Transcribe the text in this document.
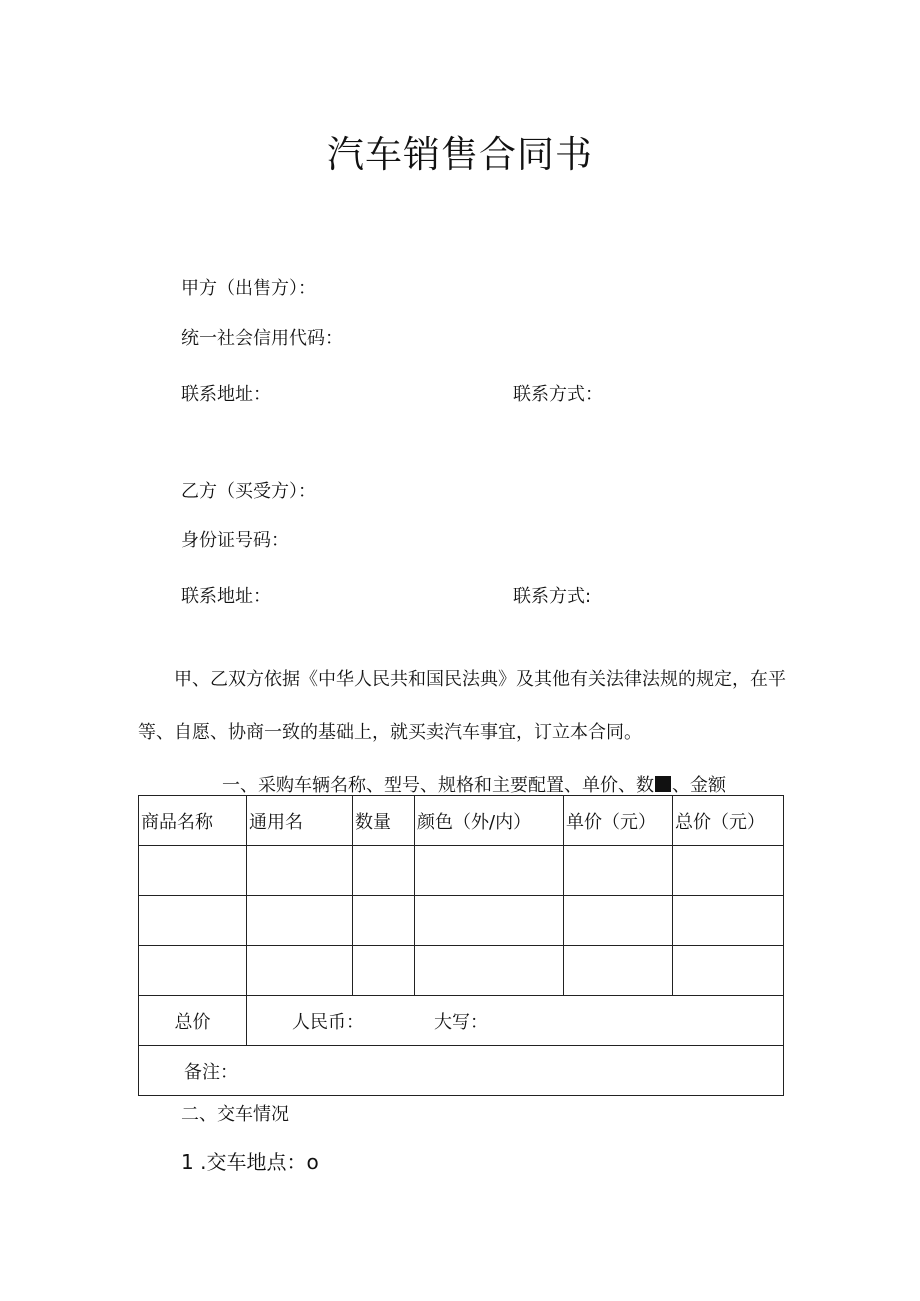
汽车销售合同书
甲方（出售方）：
统一社会信用代码：
联系地址：	联系方式：
乙方（买受方）：
身份证号码：
联系地址：	联系方式:
甲、乙双方依据《中华人民共和国民法典》及其他有关法律法规的规定，在平等、自愿、协商一致的基础上，就买卖汽车事宜，订立本合同。
一、采购车辆名称、型号、规格和主要配置、单价、数 、金额
商品名称	通用名	数量	颜色（外/内）	单价（元）	总价（元）

总价	人民币： 大写：				
备注：					
二、交车情况
1 .交车地点：o
